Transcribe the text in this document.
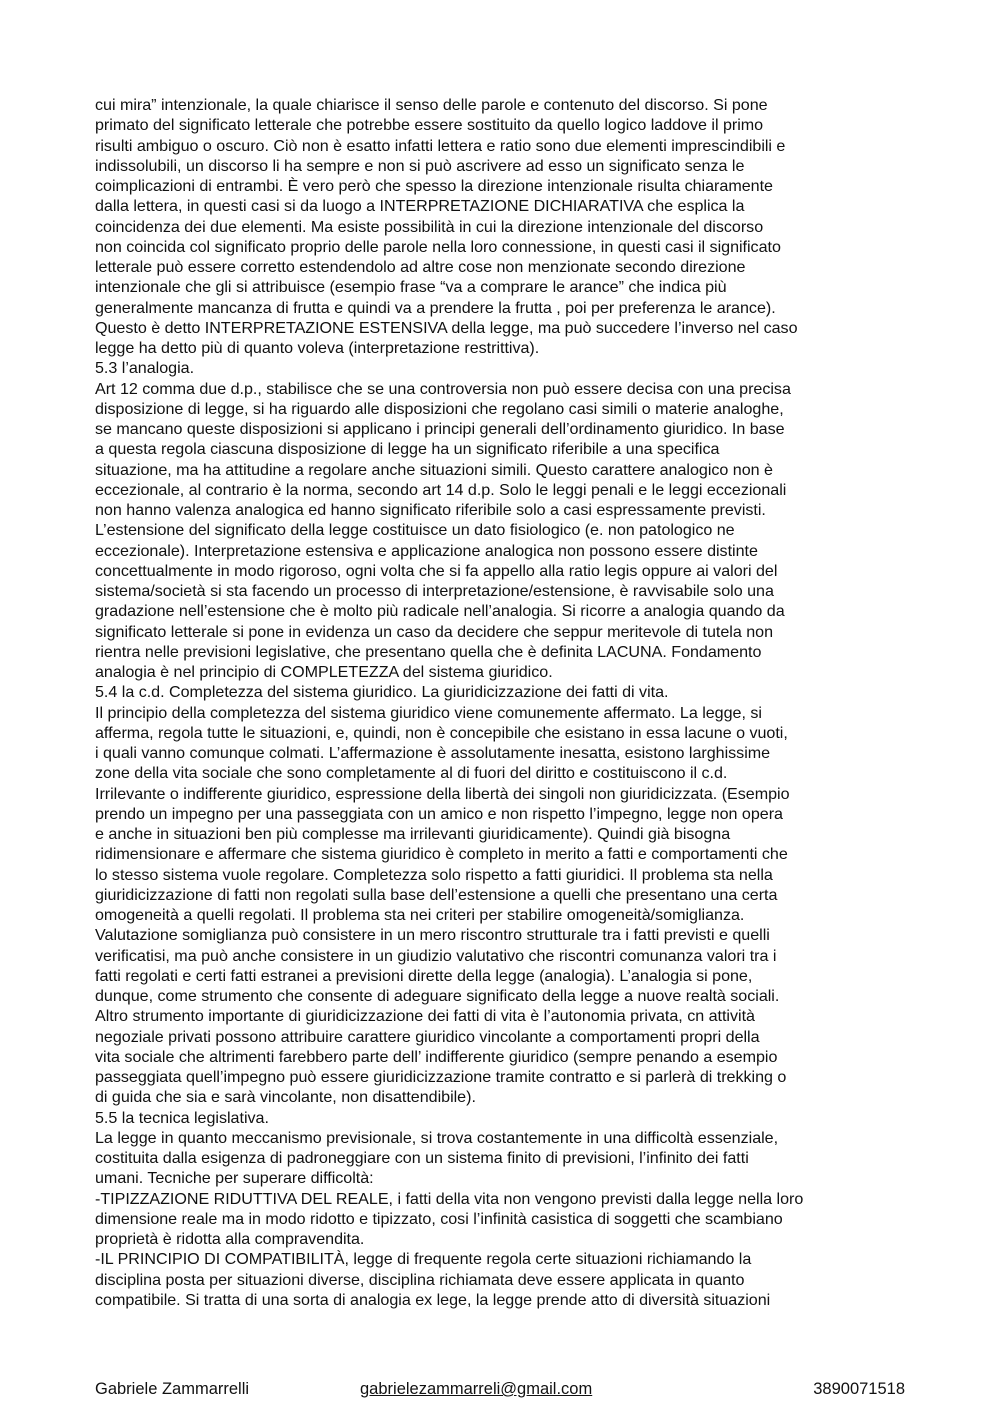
cui mira” intenzionale, la quale chiarisce il senso delle parole e contenuto del discorso. Si pone
primato del significato letterale che potrebbe essere sostituito da quello logico laddove il primo
risulti ambiguo o oscuro. Ciò non è esatto infatti lettera e ratio sono due elementi imprescindibili e
indissolubili, un discorso li ha sempre e non si può ascrivere ad esso un significato senza le
coimplicazioni di entrambi. È vero però che spesso la direzione intenzionale risulta chiaramente
dalla lettera, in questi casi si da luogo a INTERPRETAZIONE DICHIARATIVA che esplica la
coincidenza dei due elementi. Ma esiste possibilità in cui la direzione intenzionale del discorso
non coincida col significato proprio delle parole nella loro connessione, in questi casi il significato
letterale può essere corretto estendendolo ad altre cose non menzionate secondo direzione
intenzionale che gli si attribuisce (esempio frase “va a comprare le arance” che indica più
generalmente mancanza di frutta e quindi va a prendere la frutta , poi per preferenza le arance).
Questo è detto INTERPRETAZIONE ESTENSIVA della legge, ma può succedere l’inverso nel caso
legge ha detto più di quanto voleva (interpretazione restrittiva).
5.3 l’analogia.
Art 12 comma due d.p., stabilisce che se una controversia non può essere decisa con una precisa
disposizione di legge, si ha riguardo alle disposizioni che regolano casi simili o materie analoghe,
se mancano queste disposizioni si applicano i principi generali dell’ordinamento giuridico. In base
a questa regola ciascuna disposizione di legge ha un significato riferibile a una specifica
situazione, ma ha attitudine a regolare anche situazioni simili. Questo carattere analogico non è
eccezionale, al contrario è la norma, secondo art 14 d.p. Solo le leggi penali e le leggi eccezionali
non hanno valenza analogica ed hanno significato riferibile solo a casi espressamente previsti.
L’estensione del significato della legge costituisce un dato fisiologico (e. non patologico ne
eccezionale). Interpretazione estensiva e applicazione analogica non possono essere distinte
concettualmente in modo rigoroso, ogni volta che si fa appello alla ratio legis oppure ai valori del
sistema/società si sta facendo un processo di interpretazione/estensione, è ravvisabile solo una
gradazione nell’estensione che è molto più radicale nell’analogia. Si ricorre a analogia quando da
significato letterale si pone in evidenza un caso da decidere che seppur meritevole di tutela non
rientra nelle previsioni legislative, che presentano quella che è definita LACUNA. Fondamento
analogia è nel principio di COMPLETEZZA del sistema giuridico.
5.4 la c.d. Completezza del sistema giuridico. La giuridicizzazione dei fatti di vita.
Il principio della completezza del sistema giuridico viene comunemente affermato. La legge, si
afferma, regola tutte le situazioni, e, quindi, non è concepibile che esistano in essa lacune o vuoti,
i quali vanno comunque colmati. L’affermazione è assolutamente inesatta, esistono larghissime
zone della vita sociale che sono completamente al di fuori del diritto e costituiscono il c.d.
Irrilevante o indifferente giuridico, espressione della libertà dei singoli non giuridicizzata. (Esempio
prendo un impegno per una passeggiata con un amico e non rispetto l’impegno, legge non opera
e anche in situazioni ben più complesse ma irrilevanti giuridicamente). Quindi già bisogna
ridimensionare e affermare che sistema giuridico è completo in merito a fatti e comportamenti che
lo stesso sistema vuole regolare. Completezza solo rispetto a fatti giuridici. Il problema sta nella
giuridicizzazione di fatti non regolati sulla base dell’estensione a quelli che presentano una certa
omogeneità a quelli regolati. Il problema sta nei criteri per stabilire omogeneità/somiglianza.
Valutazione somiglianza può consistere in un mero riscontro strutturale tra i fatti previsti e quelli
verificatisi, ma può anche consistere in un giudizio valutativo che riscontri comunanza valori tra i
fatti regolati e certi fatti estranei a previsioni dirette della legge (analogia). L’analogia si pone,
dunque, come strumento che consente di adeguare significato della legge a nuove realtà sociali.
Altro strumento importante di giuridicizzazione dei fatti di vita è l’autonomia privata, cn attività
negoziale privati possono attribuire carattere giuridico vincolante a comportamenti propri della
vita sociale che altrimenti farebbero parte dell’ indifferente giuridico (sempre penando a esempio
passeggiata quell’impegno può essere giuridicizzazione tramite contratto e si parlerà di trekking o
di guida che sia e sarà vincolante, non disattendibile).
5.5 la tecnica legislativa.
La legge in quanto meccanismo previsionale, si trova costantemente in una difficoltà essenziale,
costituita dalla esigenza di padroneggiare con un sistema finito di previsioni, l’infinito dei fatti
umani. Tecniche per superare difficoltà:
-TIPIZZAZIONE RIDUTTIVA DEL REALE, i fatti della vita non vengono previsti dalla legge nella loro
dimensione reale ma in modo ridotto e tipizzato, cosi l’infinità casistica di soggetti che scambiano
proprietà è ridotta alla compravendita.
-IL PRINCIPIO DI COMPATIBILITÀ, legge di frequente regola certe situazioni richiamando la
disciplina posta per situazioni diverse, disciplina richiamata deve essere applicata in quanto
compatibile. Si tratta di una sorta di analogia ex lege, la legge prende atto di diversità situazioni
Gabriele Zammarrelli	gabrielezammarreli@gmail.com	3890071518
